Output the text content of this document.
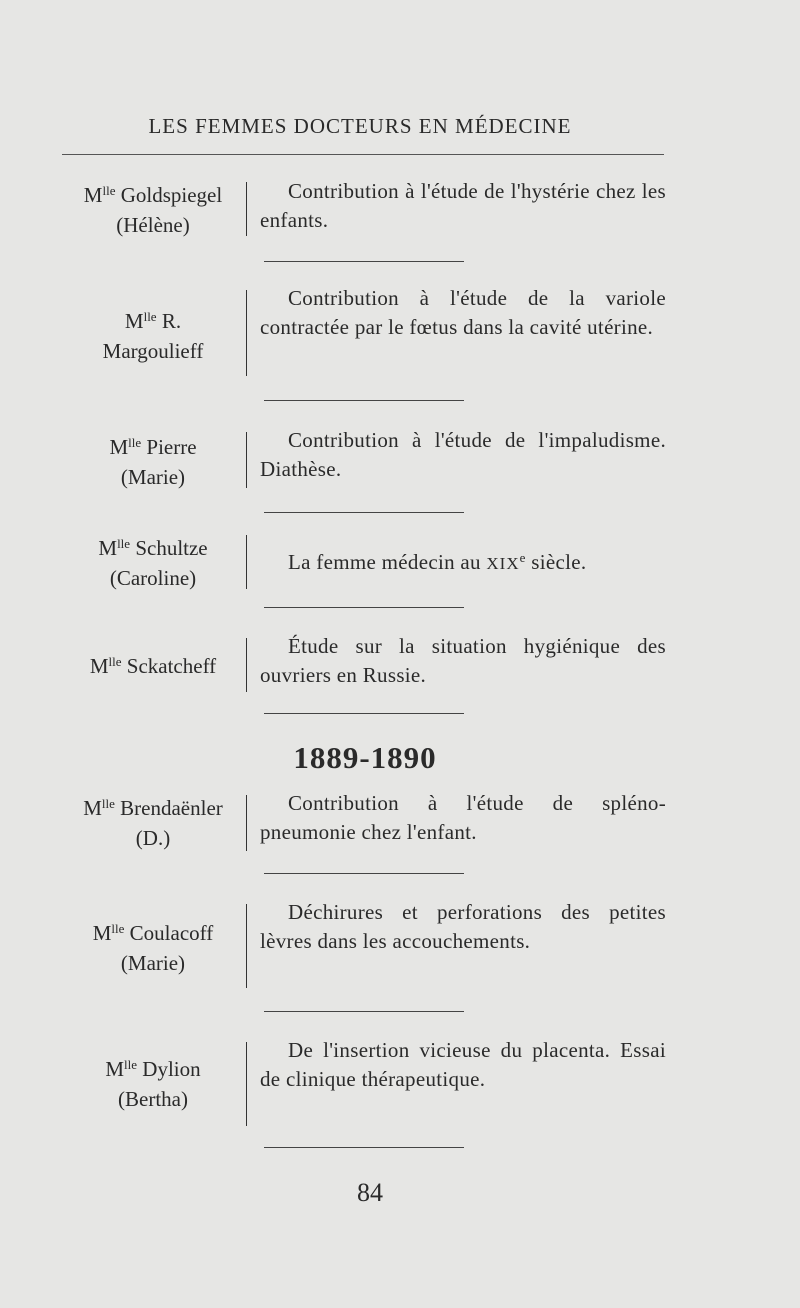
LES FEMMES DOCTEURS EN MÉDECINE
$M^{lle}$ Goldspiegel
(Hélène)
Contribution à l'étude de l'hystérie chez les enfants.
$M^{lle}$ R.
Margoulieff
Contribution à l'étude de la variole contractée par le fœtus dans la cavité utérine.
$M^{lle}$ Pierre
(Marie)
Contribution à l'étude de l'impaludisme. Diathèse.
$M^{lle}$ Schultze
(Caroline)
La femme médecin au XIXe siècle.
$M^{lle}$ Sckatcheff
Étude sur la situation hygiénique des ouvriers en Russie.
1889-1890
$M^{lle}$ Brendaënler
(D.)
Contribution à l'étude de spléno-pneumonie chez l'enfant.
$M^{lle}$ Coulacoff
(Marie)
Déchirures et perforations des petites lèvres dans les accouchements.
$M^{lle}$ Dylion
(Bertha)
De l'insertion vicieuse du placenta. Essai de clinique thérapeutique.
84
